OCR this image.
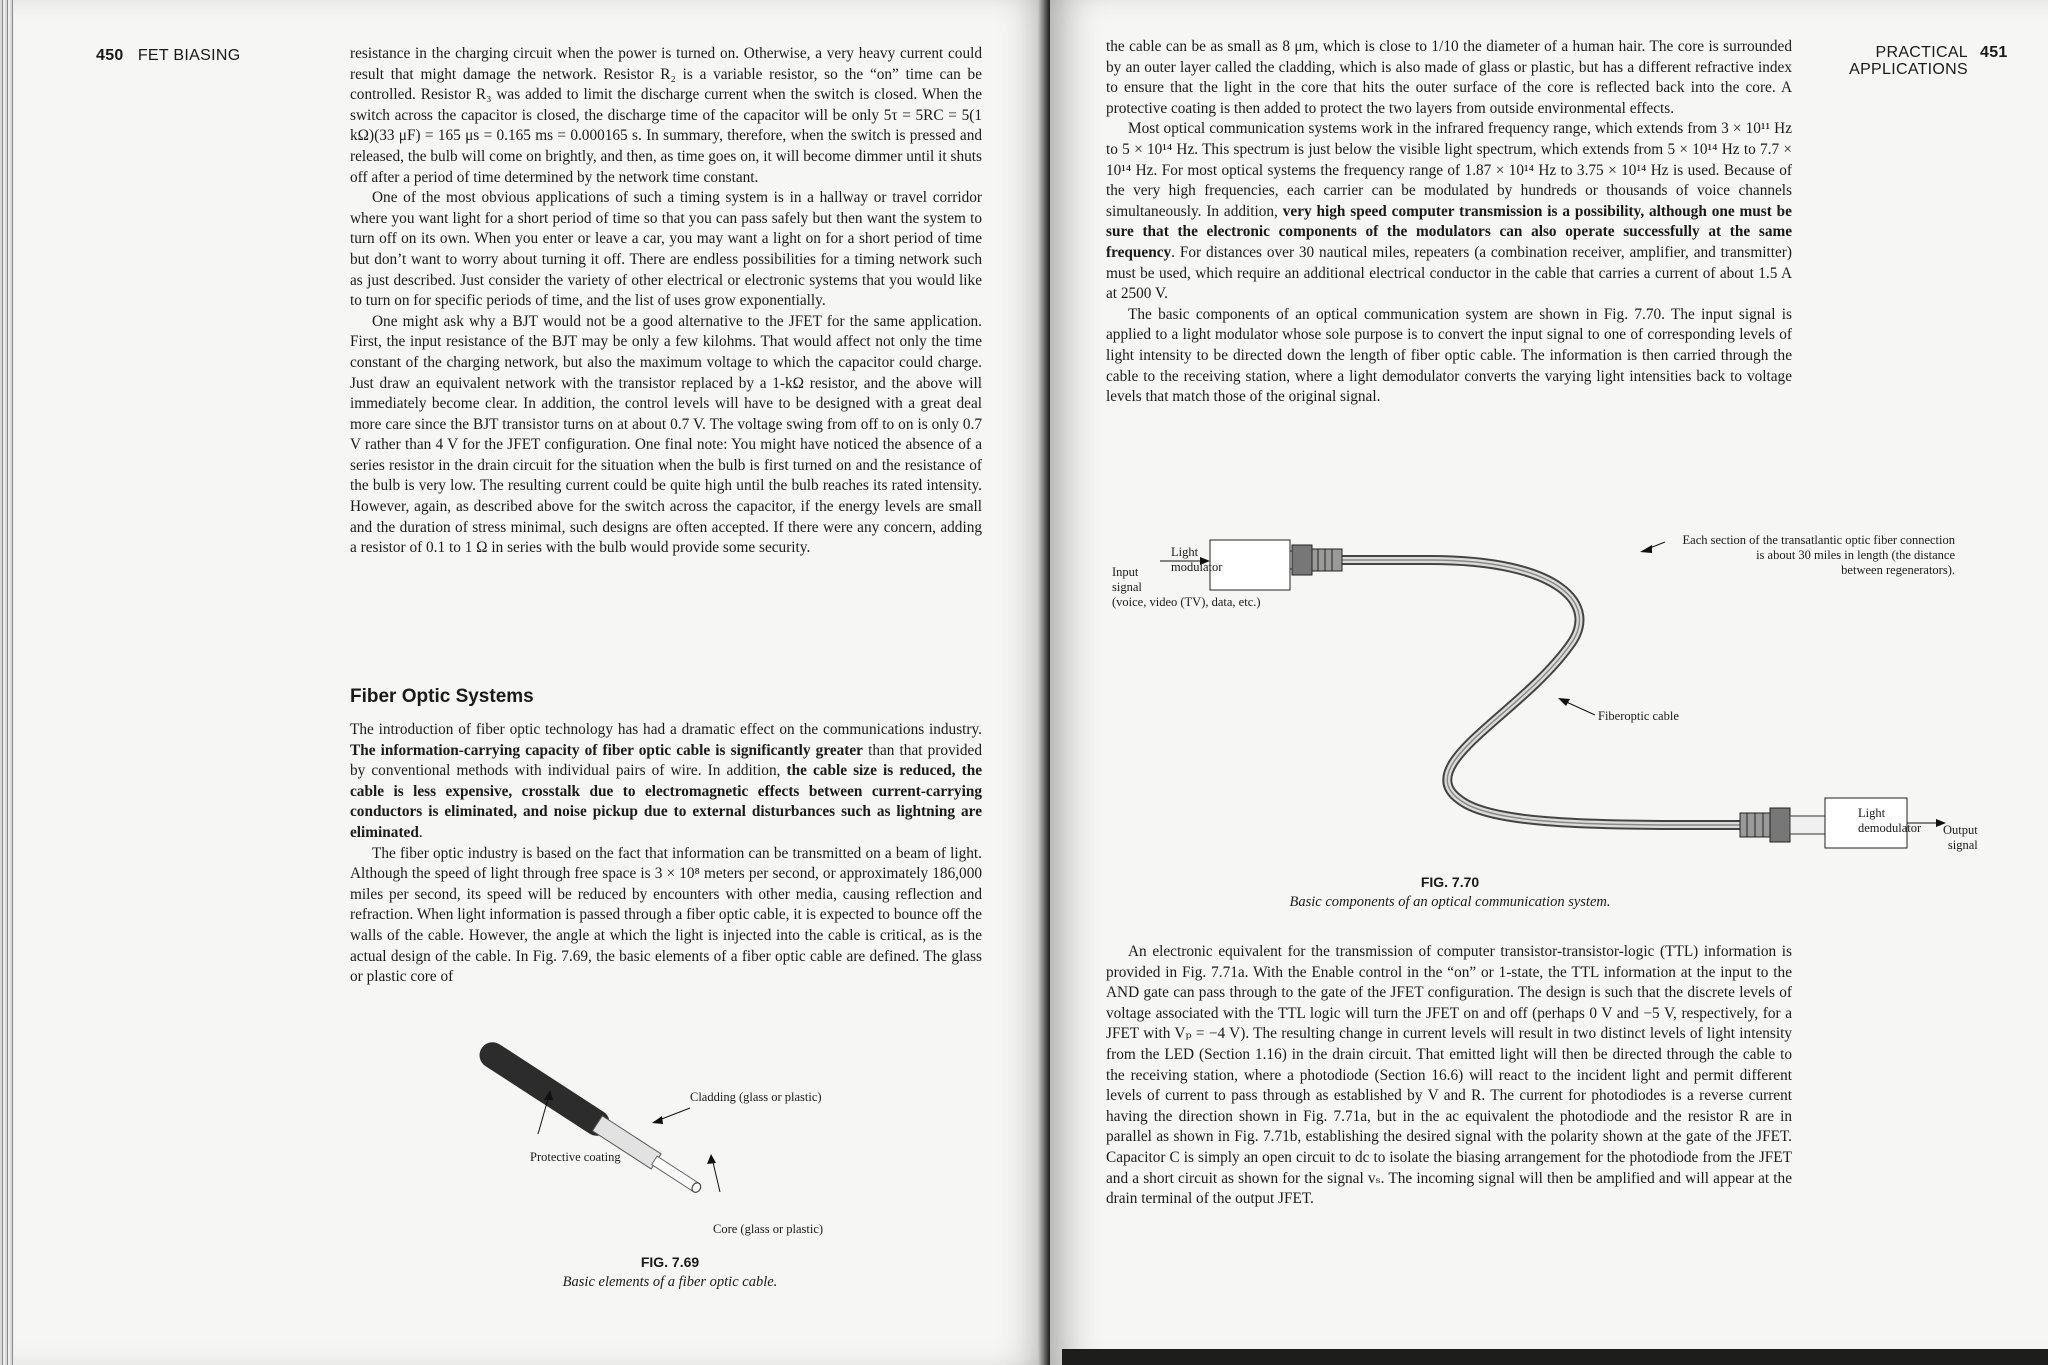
450 FET BIASING	resistance in the charging circuit when the power is turned on. Otherwise, a very heavy current could result that might damage the network. Resistor R₂ is a variable resistor, so the “on” time can be controlled. Resistor R₃ was added to limit the discharge current when the switch is closed. When the switch across the capacitor is closed, the discharge time of the capacitor will be only 5τ = 5RC = 5(1 kΩ)(33 μF) = 165 μs = 0.165 ms = 0.000165 s. In summary, therefore, when the switch is pressed and released, the bulb will come on brightly, and then, as time goes on, it will become dimmer until it shuts off after a period of time determined by the network time constant.

One of the most obvious applications of such a timing system is in a hallway or travel corridor where you want light for a short period of time so that you can pass safely but then want the system to turn off on its own. When you enter or leave a car, you may want a light on for a short period of time but don’t want to worry about turning it off. There are endless possibilities for a timing network such as just described. Just consider the variety of other electrical or electronic systems that you would like to turn on for specific periods of time, and the list of uses grow exponentially.

One might ask why a BJT would not be a good alternative to the JFET for the same application. First, the input resistance of the BJT may be only a few kilohms. That would affect not only the time constant of the charging network, but also the maximum voltage to which the capacitor could charge. Just draw an equivalent network with the transistor replaced by a 1-kΩ resistor, and the above will immediately become clear. In addition, the control levels will have to be designed with a great deal more care since the BJT transistor turns on at about 0.7 V. The voltage swing from off to on is only 0.7 V rather than 4 V for the JFET configuration. One final note: You might have noticed the absence of a series resistor in the drain circuit for the situation when the bulb is first turned on and the resistance of the bulb is very low. The resulting current could be quite high until the bulb reaches its rated intensity. However, again, as described above for the switch across the capacitor, if the energy levels are small and the duration of stress minimal, such designs are often accepted. If there were any concern, adding a resistor of 0.1 to 1 Ω in series with the bulb would provide some security.

Fiber Optic Systems

The introduction of fiber optic technology has had a dramatic effect on the communications industry. The information-carrying capacity of fiber optic cable is significantly greater than that provided by conventional methods with individual pairs of wire. In addition, the cable size is reduced, the cable is less expensive, crosstalk due to electromagnetic effects between current-carrying conductors is eliminated, and noise pickup due to external disturbances such as lightning are eliminated.

The fiber optic industry is based on the fact that information can be transmitted on a beam of light. Although the speed of light through free space is 3 × 10⁸ meters per second, or approximately 186,000 miles per second, its speed will be reduced by encounters with other media, causing reflection and refraction. When light information is passed through a fiber optic cable, it is expected to bounce off the walls of the cable. However, the angle at which the light is injected into the cable is critical, as is the actual design of the cable. In Fig. 7.69, the basic elements of a fiber optic cable are defined. The glass or plastic core of

Cladding (glass or plastic)
Protective coating
Core (glass or plastic)
FIG. 7.69
Basic elements of a fiber optic cable.
PRACTICAL
APPLICATIONS
451

the cable can be as small as 8 μm, which is close to 1/10 the diameter of a human hair. The core is surrounded by an outer layer called the cladding, which is also made of glass or plastic, but has a different refractive index to ensure that the light in the core that hits the outer surface of the core is reflected back into the core. A protective coating is then added to protect the two layers from outside environmental effects.

Most optical communication systems work in the infrared frequency range, which extends from 3 × 10¹¹ Hz to 5 × 10¹⁴ Hz. This spectrum is just below the visible light spectrum, which extends from 5 × 10¹⁴ Hz to 7.7 × 10¹⁴ Hz. For most optical systems the frequency range of 1.87 × 10¹⁴ Hz to 3.75 × 10¹⁴ Hz is used. Because of the very high frequencies, each carrier can be modulated by hundreds or thousands of voice channels simultaneously. In addition, very high speed computer transmission is a possibility, although one must be sure that the electronic components of the modulators can also operate successfully at the same frequency. For distances over 30 nautical miles, repeaters (a combination receiver, amplifier, and transmitter) must be used, which require an additional electrical conductor in the cable that carries a current of about 1.5 A at 2500 V.

The basic components of an optical communication system are shown in Fig. 7.70. The input signal is applied to a light modulator whose sole purpose is to convert the input signal to one of corresponding levels of light intensity to be directed down the length of fiber optic cable. The information is then carried through the cable to the receiving station, where a light demodulator converts the varying light intensities back to voltage levels that match those of the original signal.

Light
modulator
Input
signal
(voice, video (TV), data, etc.)
Each section of the transatlantic optic fiber connection
is about 30 miles in length (the distance
between regenerators).
Fiberoptic cable
Light
demodulator Output
signal
FIG. 7.70
Basic components of an optical communication system.

An electronic equivalent for the transmission of computer transistor-transistor-logic (TTL) information is provided in Fig. 7.71a. With the Enable control in the “on” or 1-state, the TTL information at the input to the AND gate can pass through to the gate of the JFET configuration. The design is such that the discrete levels of voltage associated with the TTL logic will turn the JFET on and off (perhaps 0 V and −5 V, respectively, for a JFET with Vₚ = −4 V). The resulting change in current levels will result in two distinct levels of light intensity from the LED (Section 1.16) in the drain circuit. That emitted light will then be directed through the cable to the receiving station, where a photodiode (Section 16.6) will react to the incident light and permit different levels of current to pass through as established by V and R. The current for photodiodes is a reverse current having the direction shown in Fig. 7.71a, but in the ac equivalent the photodiode and the resistor R are in parallel as shown in Fig. 7.71b, establishing the desired signal with the polarity shown at the gate of the JFET. Capacitor C is simply an open circuit to dc to isolate the biasing arrangement for the photodiode from the JFET and a short circuit as shown for the signal vₛ. The incoming signal will then be amplified and will appear at the drain terminal of the output JFET.
